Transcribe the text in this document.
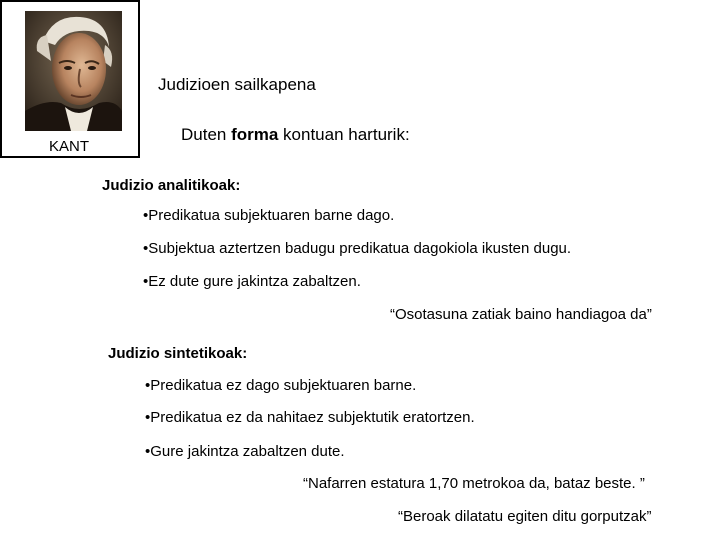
KANT
Judizioen sailkapena
Duten forma kontuan harturik:
Judizio analitikoak:
•Predikatua subjektuaren barne dago.
•Subjektua aztertzen badugu predikatua dagokiola ikusten dugu.
•Ez dute gure jakintza zabaltzen.
“Osotasuna zatiak baino handiagoa da”
Judizio sintetikoak:
•Predikatua ez dago subjektuaren barne.
•Predikatua ez da nahitaez subjektutik eratortzen.
•Gure jakintza zabaltzen dute.
“Nafarren estatura 1,70 metrokoa da, bataz beste. ”
“Beroak dilatatu egiten ditu gorputzak”
